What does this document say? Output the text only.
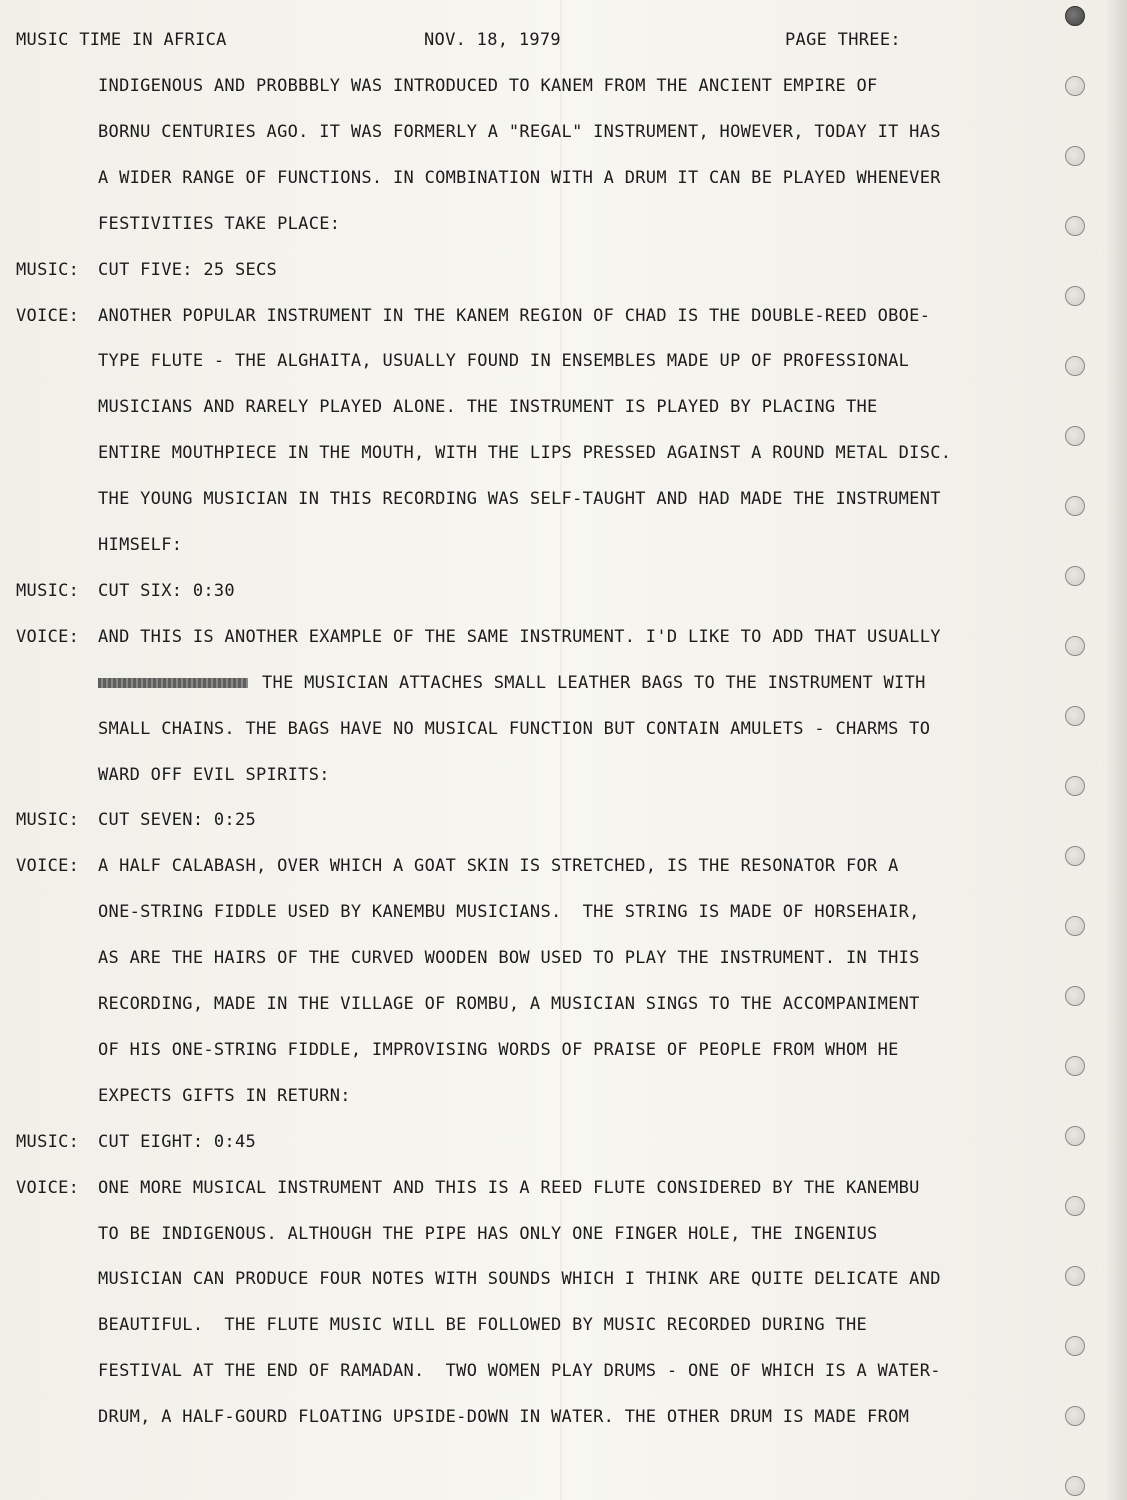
MUSIC TIME IN AFRICA	NOV. 18, 1979	PAGE THREE:
INDIGENOUS AND PROBBBLY WAS INTRODUCED TO KANEM FROM THE ANCIENT EMPIRE OF
BORNU CENTURIES AGO. IT WAS FORMERLY A "REGAL" INSTRUMENT, HOWEVER, TODAY IT HAS
A WIDER RANGE OF FUNCTIONS. IN COMBINATION WITH A DRUM IT CAN BE PLAYED WHENEVER
FESTIVITIES TAKE PLACE:
MUSIC: CUT FIVE: 25 SECS
VOICE: ANOTHER POPULAR INSTRUMENT IN THE KANEM REGION OF CHAD IS THE DOUBLE-REED OBOE-
TYPE FLUTE - THE ALGHAITA, USUALLY FOUND IN ENSEMBLES MADE UP OF PROFESSIONAL
MUSICIANS AND RARELY PLAYED ALONE. THE INSTRUMENT IS PLAYED BY PLACING THE
ENTIRE MOUTHPIECE IN THE MOUTH, WITH THE LIPS PRESSED AGAINST A ROUND METAL DISC.
THE YOUNG MUSICIAN IN THIS RECORDING WAS SELF-TAUGHT AND HAD MADE THE INSTRUMENT
HIMSELF:
MUSIC: CUT SIX: 0:30
VOICE: AND THIS IS ANOTHER EXAMPLE OF THE SAME INSTRUMENT. I'D LIKE TO ADD THAT USUALLY
THE MUSICIAN ATTACHES SMALL LEATHER BAGS TO THE INSTRUMENT WITH
SMALL CHAINS. THE BAGS HAVE NO MUSICAL FUNCTION BUT CONTAIN AMULETS - CHARMS TO
WARD OFF EVIL SPIRITS:
MUSIC: CUT SEVEN: 0:25
VOICE: A HALF CALABASH, OVER WHICH A GOAT SKIN IS STRETCHED, IS THE RESONATOR FOR A
ONE-STRING FIDDLE USED BY KANEMBU MUSICIANS.  THE STRING IS MADE OF HORSEHAIR,
AS ARE THE HAIRS OF THE CURVED WOODEN BOW USED TO PLAY THE INSTRUMENT. IN THIS
RECORDING, MADE IN THE VILLAGE OF ROMBU, A MUSICIAN SINGS TO THE ACCOMPANIMENT
OF HIS ONE-STRING FIDDLE, IMPROVISING WORDS OF PRAISE OF PEOPLE FROM WHOM HE
EXPECTS GIFTS IN RETURN:
MUSIC: CUT EIGHT: 0:45
VOICE: ONE MORE MUSICAL INSTRUMENT AND THIS IS A REED FLUTE CONSIDERED BY THE KANEMBU
TO BE INDIGENOUS. ALTHOUGH THE PIPE HAS ONLY ONE FINGER HOLE, THE INGENIUS
MUSICIAN CAN PRODUCE FOUR NOTES WITH SOUNDS WHICH I THINK ARE QUITE DELICATE AND
BEAUTIFUL.  THE FLUTE MUSIC WILL BE FOLLOWED BY MUSIC RECORDED DURING THE
FESTIVAL AT THE END OF RAMADAN.  TWO WOMEN PLAY DRUMS - ONE OF WHICH IS A WATER-
DRUM, A HALF-GOURD FLOATING UPSIDE-DOWN IN WATER. THE OTHER DRUM IS MADE FROM
